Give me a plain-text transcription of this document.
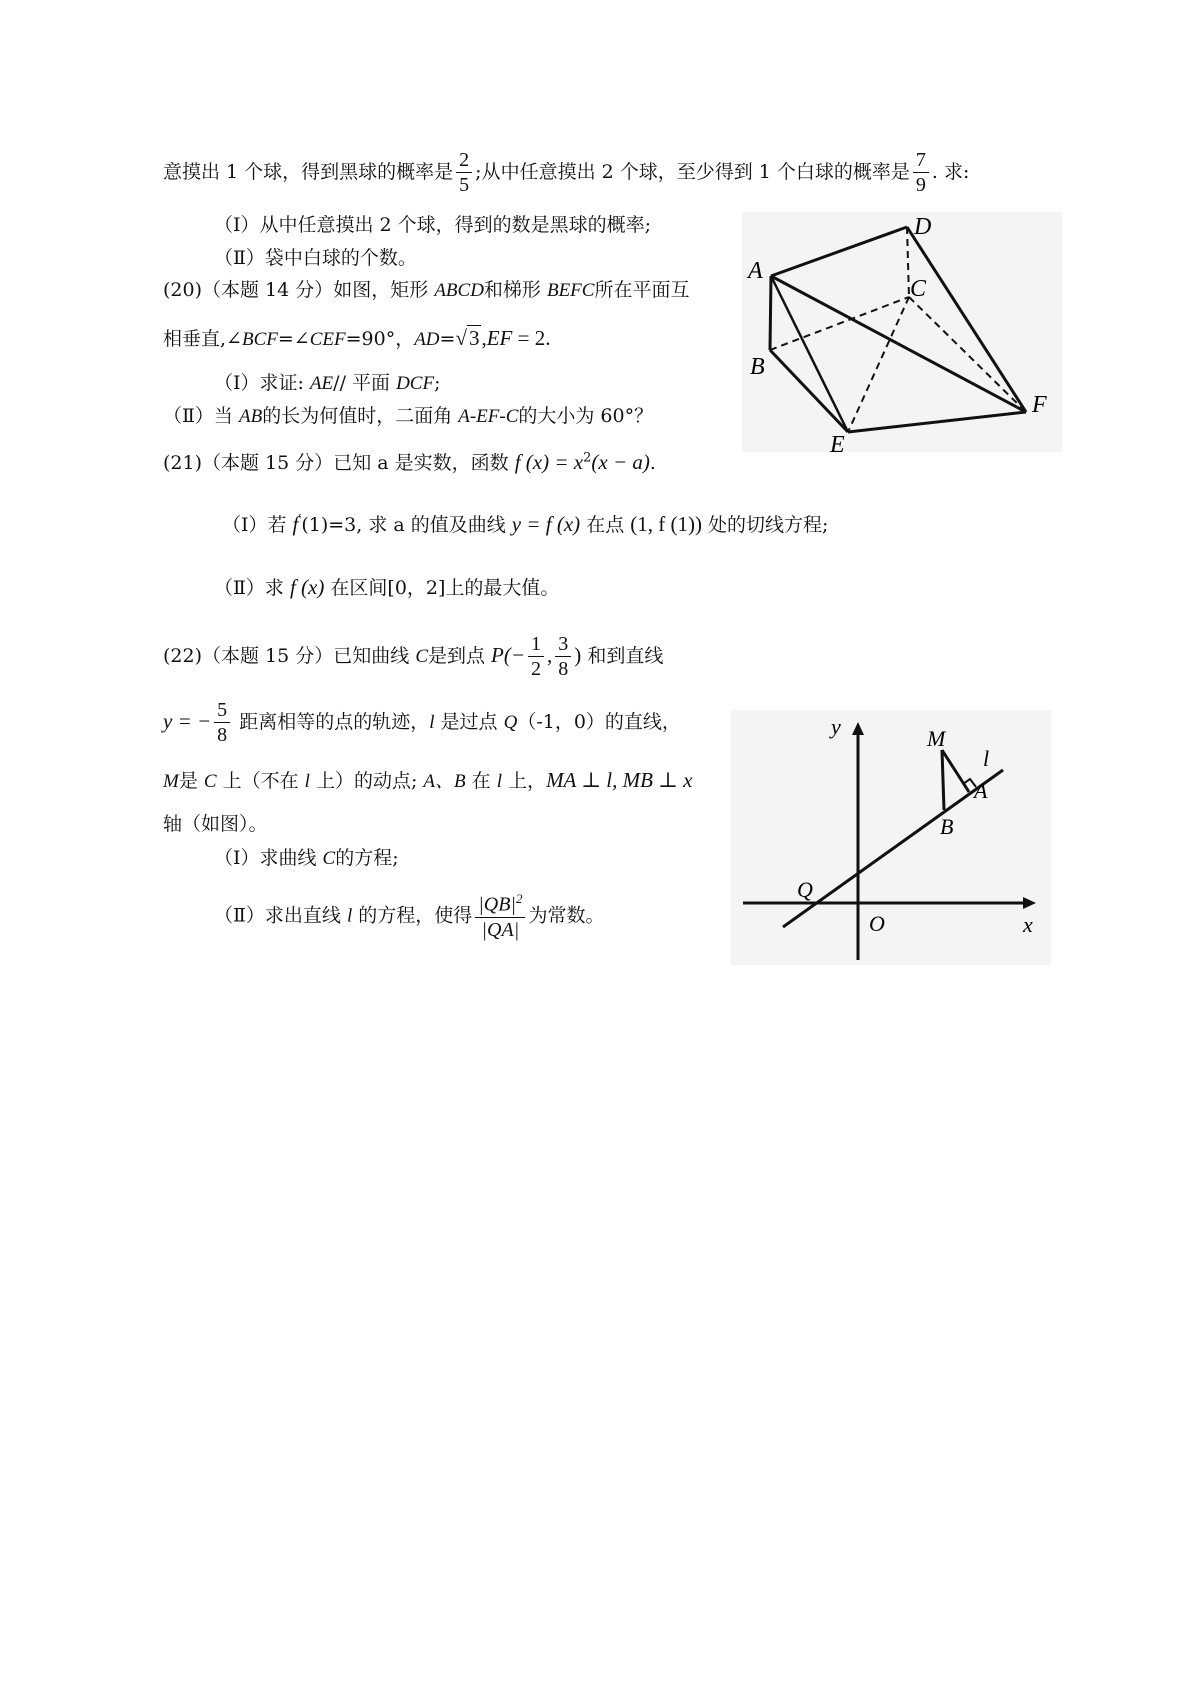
意摸出 1 个球，得到黑球的概率是 $\frac{2}{5}$ ;从中任意摸出 2 个球，至少得到 1 个白球的概率是 $\frac{7}{9}$ . 求:
（Ⅰ）从中任意摸出 2 个球，得到的数是黑球的概率;
（Ⅱ）袋中白球的个数。
(20)（本题 14 分）如图，矩形 ABCD和梯形 BEFC所在平面互
相垂直,∠BCF=∠CEF=90°，AD=√3,EF = 2.
（Ⅰ）求证: AE// 平面 DCF;
（Ⅱ）当 AB的长为何值时，二面角 A-EF-C的大小为 60°？
A
B
C
D
E
F
(21)（本题 15 分）已知 a 是实数，函数 f $(x) = x^2(x - a)$.
（Ⅰ）若 f′(1)=3, 求 a 的值及曲线 y = f (x) 在点 (1, f (1)) 处的切线方程;
（Ⅱ）求 f (x) 在区间[0，2]上的最大值。
(22)（本题 15 分）已知曲线 C是到点 $P(- \frac{1}{2}$ , $\frac{3}{8}$ ) 和到直线
y = − $\frac{5}{8}$ 距离相等的点的轨迹，l 是过点 Q（-1，0）的直线，
M是 C 上（不在 l 上）的动点; A、B 在 l 上，MA ⊥ l, MB ⊥ x
轴（如图）。
（Ⅰ）求曲线 C的方程;
（Ⅱ）求出直线 l 的方程，使得 $\frac{|QB|^2}{|QA|}$ 为常数。
y
x
O
Q
M
A
B
l
